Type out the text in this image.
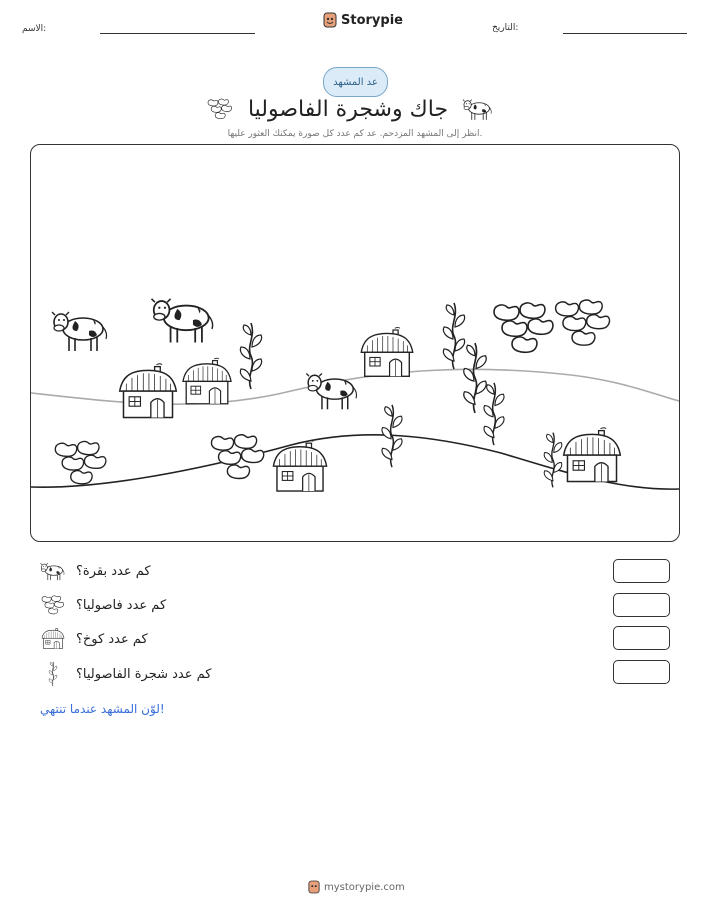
الاسم:
Storypie
التاريخ:
عد المشهد
جاك وشجرة الفاصوليا
انظر إلى المشهد المزدحم. عد كم عدد كل صورة يمكنك العثور عليها.
كم عدد بقرة؟
كم عدد فاصوليا؟
كم عدد كوخ؟
كم عدد شجرة الفاصوليا؟
لوّن المشهد عندما تنتهي!
mystorypie.com
